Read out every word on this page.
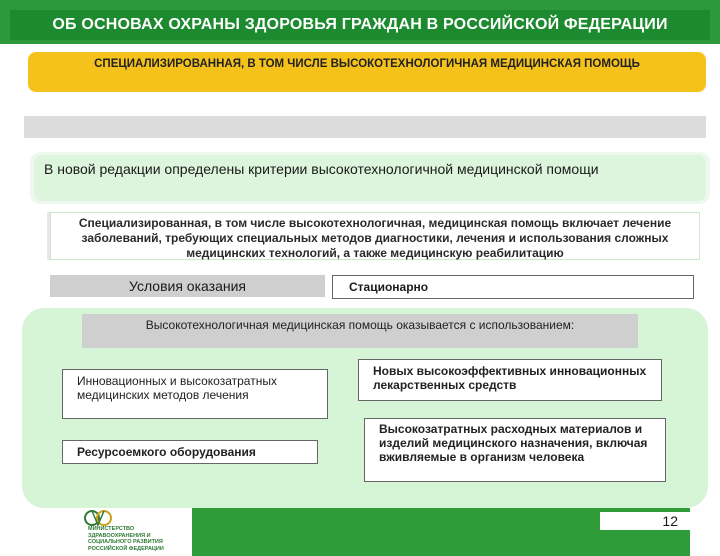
ОБ ОСНОВАХ ОХРАНЫ ЗДОРОВЬЯ ГРАЖДАН В РОССИЙСКОЙ ФЕДЕРАЦИИ
СПЕЦИАЛИЗИРОВАННАЯ, В ТОМ ЧИСЛЕ ВЫСОКОТЕХНОЛОГИЧНАЯ МЕДИЦИНСКАЯ ПОМОЩЬ
В новой редакции определены критерии высокотехнологичной медицинской помощи
Специализированная, в том числе высокотехнологичная, медицинская помощь включает лечение заболеваний, требующих специальных методов диагностики, лечения и использования сложных медицинских технологий, а также медицинскую реабилитацию
Условия оказания	Стационарно
Высокотехнологичная медицинская помощь оказывается с использованием:
Инновационных и высокозатратных медицинских методов лечения
Ресурсоемкого оборудования
Новых высокоэффективных инновационных лекарственных средств
Высокозатратных расходных материалов и изделий медицинского назначения, включая вживляемые в организм человека
12
МИНИСТЕРСТВО ЗДРАВООХРАНЕНИЯ И СОЦИАЛЬНОГО РАЗВИТИЯ РОССИЙСКОЙ ФЕДЕРАЦИИ
